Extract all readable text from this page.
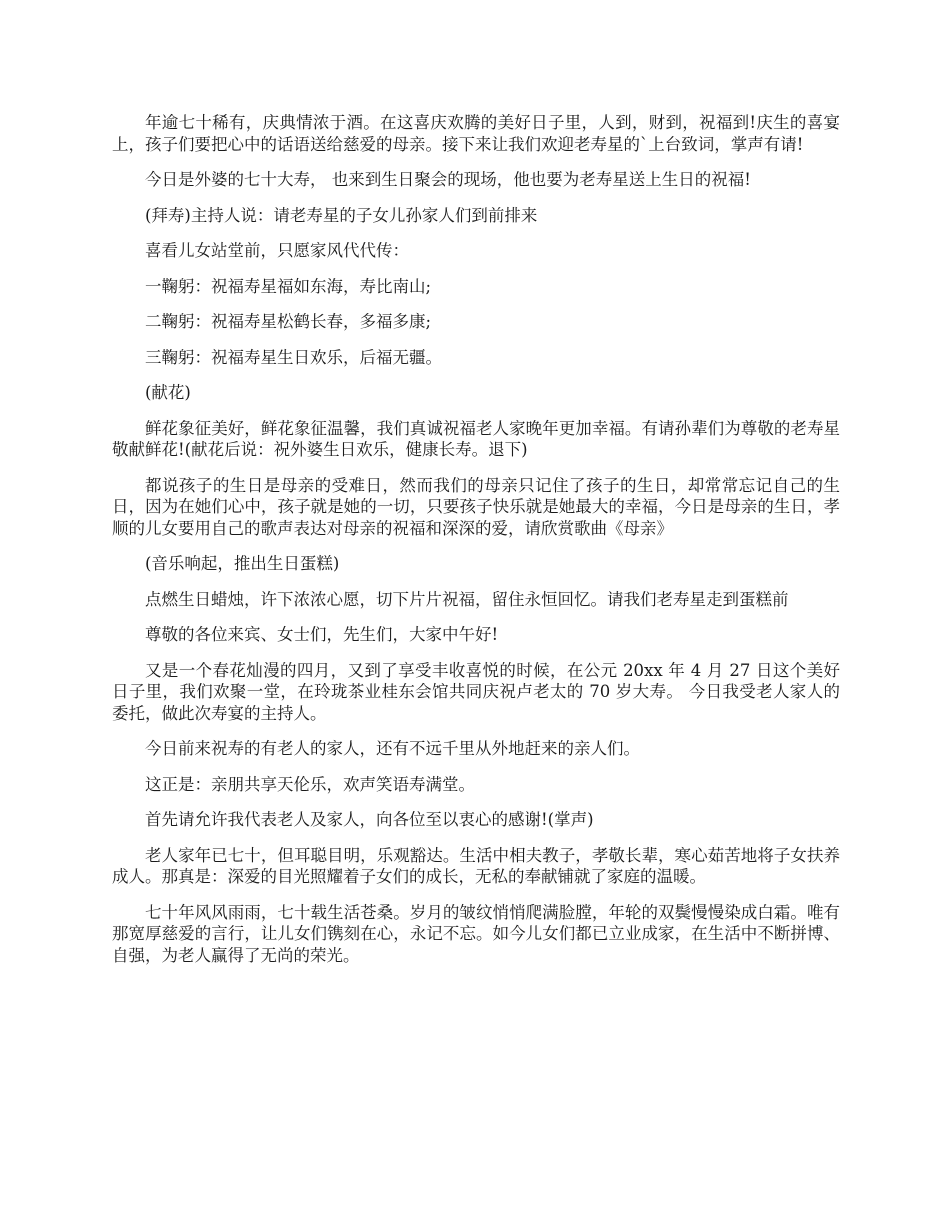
年逾七十稀有，庆典情浓于酒。在这喜庆欢腾的美好日子里，人到，财到，祝福到!庆生的喜宴上，孩子们要把心中的话语送给慈爱的母亲。接下来让我们欢迎老寿星的`上台致词，掌声有请!

今日是外婆的七十大寿， 也来到生日聚会的现场，他也要为老寿星送上生日的祝福!

(拜寿)主持人说：请老寿星的子女儿孙家人们到前排来

喜看儿女站堂前，只愿家风代代传：

一鞠躬：祝福寿星福如东海，寿比南山;

二鞠躬：祝福寿星松鹤长春，多福多康;

三鞠躬：祝福寿星生日欢乐，后福无疆。

(献花)

鲜花象征美好，鲜花象征温馨，我们真诚祝福老人家晚年更加幸福。有请孙辈们为尊敬的老寿星敬献鲜花!(献花后说：祝外婆生日欢乐，健康长寿。退下)

都说孩子的生日是母亲的受难日，然而我们的母亲只记住了孩子的生日，却常常忘记自己的生日，因为在她们心中，孩子就是她的一切，只要孩子快乐就是她最大的幸福，今日是母亲的生日，孝顺的儿女要用自己的歌声表达对母亲的祝福和深深的爱，请欣赏歌曲《母亲》

(音乐响起，推出生日蛋糕)

点燃生日蜡烛，许下浓浓心愿，切下片片祝福，留住永恒回忆。请我们老寿星走到蛋糕前

尊敬的各位来宾、女士们，先生们，大家中午好!

又是一个春花灿漫的四月，又到了享受丰收喜悦的时候，在公元 20xx 年 4 月 27 日这个美好日子里，我们欢聚一堂，在玲珑茶业桂东会馆共同庆祝卢老太的 70 岁大寿。 今日我受老人家人的委托，做此次寿宴的主持人。

今日前来祝寿的有老人的家人，还有不远千里从外地赶来的亲人们。

这正是：亲朋共享天伦乐，欢声笑语寿满堂。

首先请允许我代表老人及家人，向各位至以衷心的感谢!(掌声)

老人家年已七十，但耳聪目明，乐观豁达。生活中相夫教子，孝敬长辈，寒心茹苦地将子女扶养成人。那真是：深爱的目光照耀着子女们的成长，无私的奉献铺就了家庭的温暖。

七十年风风雨雨，七十载生活苍桑。岁月的皱纹悄悄爬满脸膛，年轮的双鬓慢慢染成白霜。唯有那宽厚慈爱的言行，让儿女们镌刻在心，永记不忘。如今儿女们都已立业成家，在生活中不断拼博、自强，为老人赢得了无尚的荣光。
